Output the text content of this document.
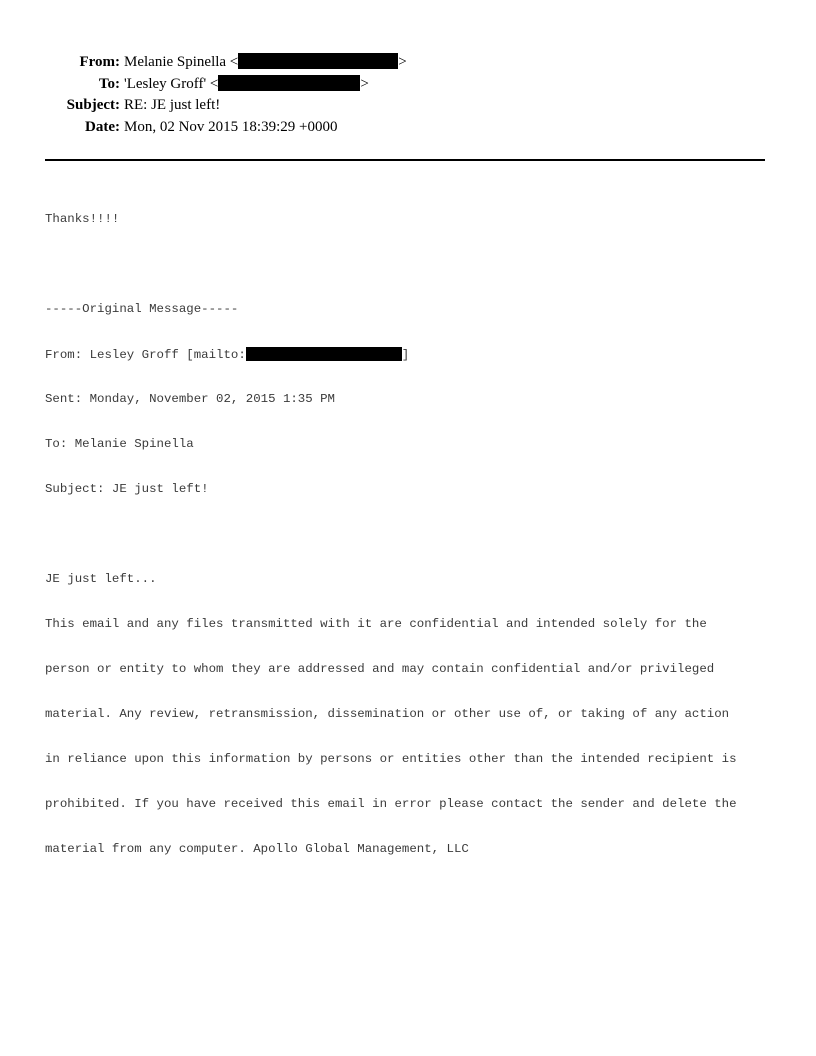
From: Melanie Spinella <	>
To: 'Lesley Groff' <	>
Subject: RE: JE just left!
Date: Mon, 02 Nov 2015 18:39:29 +0000

Thanks!!!!

-----Original Message-----

From: Lesley Groff [mailto:	]

Sent: Monday, November 02, 2015 1:35 PM

To: Melanie Spinella

Subject: JE just left!

JE just left...

This email and any files transmitted with it are confidential and intended solely for the

person or entity to whom they are addressed and may contain confidential and/or privileged

material. Any review, retransmission, dissemination or other use of, or taking of any action

in reliance upon this information by persons or entities other than the intended recipient is

prohibited. If you have received this email in error please contact the sender and delete the

material from any computer. Apollo Global Management, LLC
